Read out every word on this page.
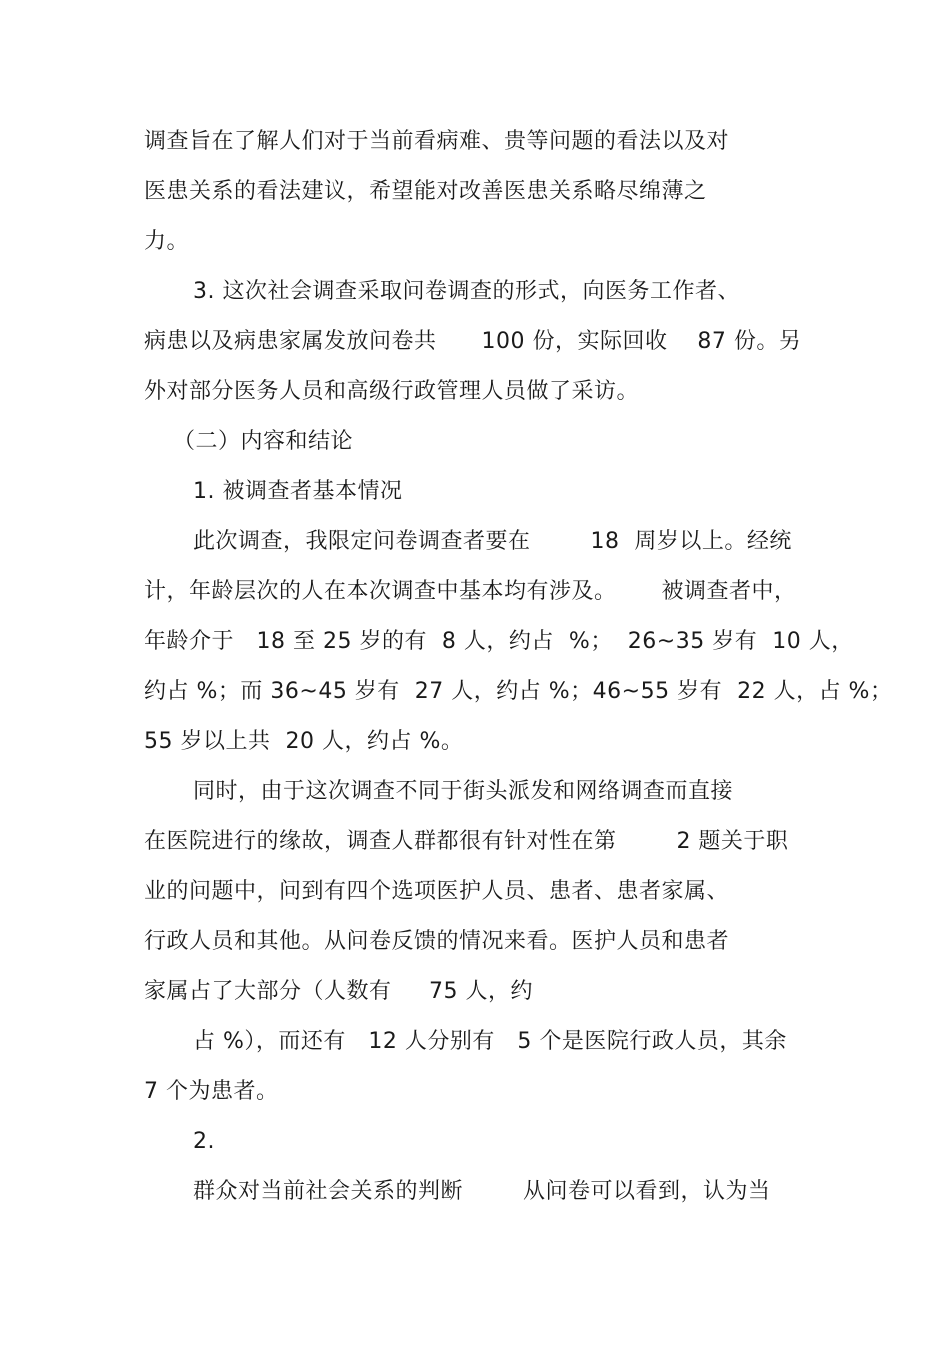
调查旨在了解人们对于当前看病难、贵等问题的看法以及对
医患关系的看法建议，希望能对改善医患关系略尽绵薄之
力。
3. 这次社会调查采取问卷调查的形式，向医务工作者、
病患以及病患家属发放问卷共      100 份，实际回收    87 份。另
外对部分医务人员和高级行政管理人员做了采访。
（二）内容和结论
1. 被调查者基本情况
此次调查，我限定问卷调查者要在        18  周岁以上。经统
计，年龄层次的人在本次调查中基本均有涉及。      被调查者中，
年龄介于   18 至 25 岁的有  8 人，约占  %；  26~35 岁有  10 人，
约占 %；而 36~45 岁有  27 人，约占 %；46~55 岁有  22 人，占 %；
55 岁以上共  20 人，约占 %。
同时，由于这次调查不同于街头派发和网络调查而直接
在医院进行的缘故，调查人群都很有针对性在第        2 题关于职
业的问题中，问到有四个选项医护人员、患者、患者家属、
行政人员和其他。从问卷反馈的情况来看。医护人员和患者
家属占了大部分（人数有     75 人，约
占 %），而还有   12 人分别有   5 个是医院行政人员，其余
7 个为患者。
2.
群众对当前社会关系的判断        从问卷可以看到，认为当
